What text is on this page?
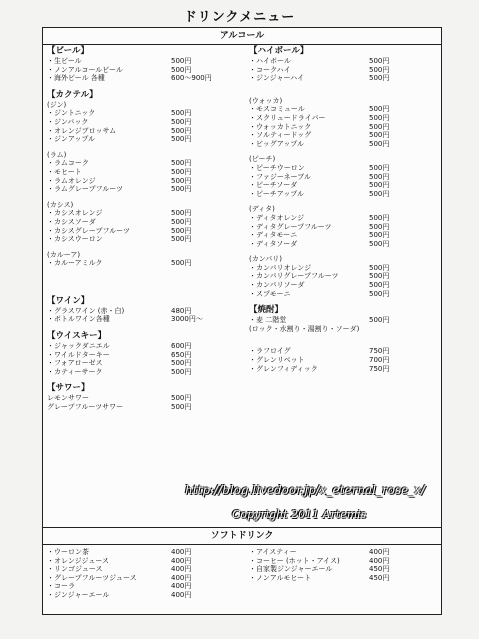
ドリンクメニュー
アルコール
【ビール】
・生ビール	500円
・ノンアルコールビール	500円
・海外ビール 各種	600〜900円
【カクテル】
(ジン)
・ジントニック	500円
・ジンバック	500円
・オレンジブロッサム	500円
・ジンアップル	500円
(ラム)
・ラムコーク	500円
・モヒート	500円
・ラムオレンジ	500円
・ラムグレープフルーツ	500円
(カシス)
・カシスオレンジ	500円
・カシスソーダ	500円
・カシスグレープフルーツ	500円
・カシスウーロン	500円
(カルーア)
・カルーアミルク	500円
【ワイン】
・グラスワイン (赤・白)	480円
・ボトルワイン各種	3000円〜
【ウイスキー】
・ジャックダニエル	600円
・ワイルドターキー	650円
・フォアローゼス	500円
・カティーサーク	500円
【サワー】
レモンサワー	500円
グレープフルーツサワー	500円
【ハイボール】
・ハイボール	500円
・コークハイ	500円
・ジンジャーハイ	500円
(ウォッカ)
・モスコミュール	500円
・スクリュードライバー	500円
・ウォッカトニック	500円
・ソルティードッグ	500円
・ビッグアップル	500円
(ピーチ)
・ピーチウーロン	500円
・ファジーネーブル	500円
・ピーチソーダ	500円
・ピーチアップル	500円
(ディタ)
・ディタオレンジ	500円
・ディタグレープフルーツ	500円
・ディタモーニ	500円
・ディタソーダ	500円
(カンパリ)
・カンパリオレンジ	500円
・カンパリグレープフルーツ	500円
・カンパリソーダ	500円
・スプモーニ	500円
【焼酎】
・麦 二階堂	500円
(ロック・水割り・湯割り・ソーダ)
・ラフロイグ	750円
・グレンリベット	700円
・グレンフィディック	750円
ソフトドリンク
・ウーロン茶	400円
・オレンジジュース	400円
・リンゴジュース	400円
・グレープフルーツジュース	400円
・コーラ	400円
・ジンジャーエール	400円
・アイスティー	400円
・コーヒー (ホット・アイス)	400円
・自家製ジンジャーエール	450円
・ノンアルモヒート	450円
http://blog.livedoor.jp/x_eternal_rose_x/
Copyright 2011 Artemis
